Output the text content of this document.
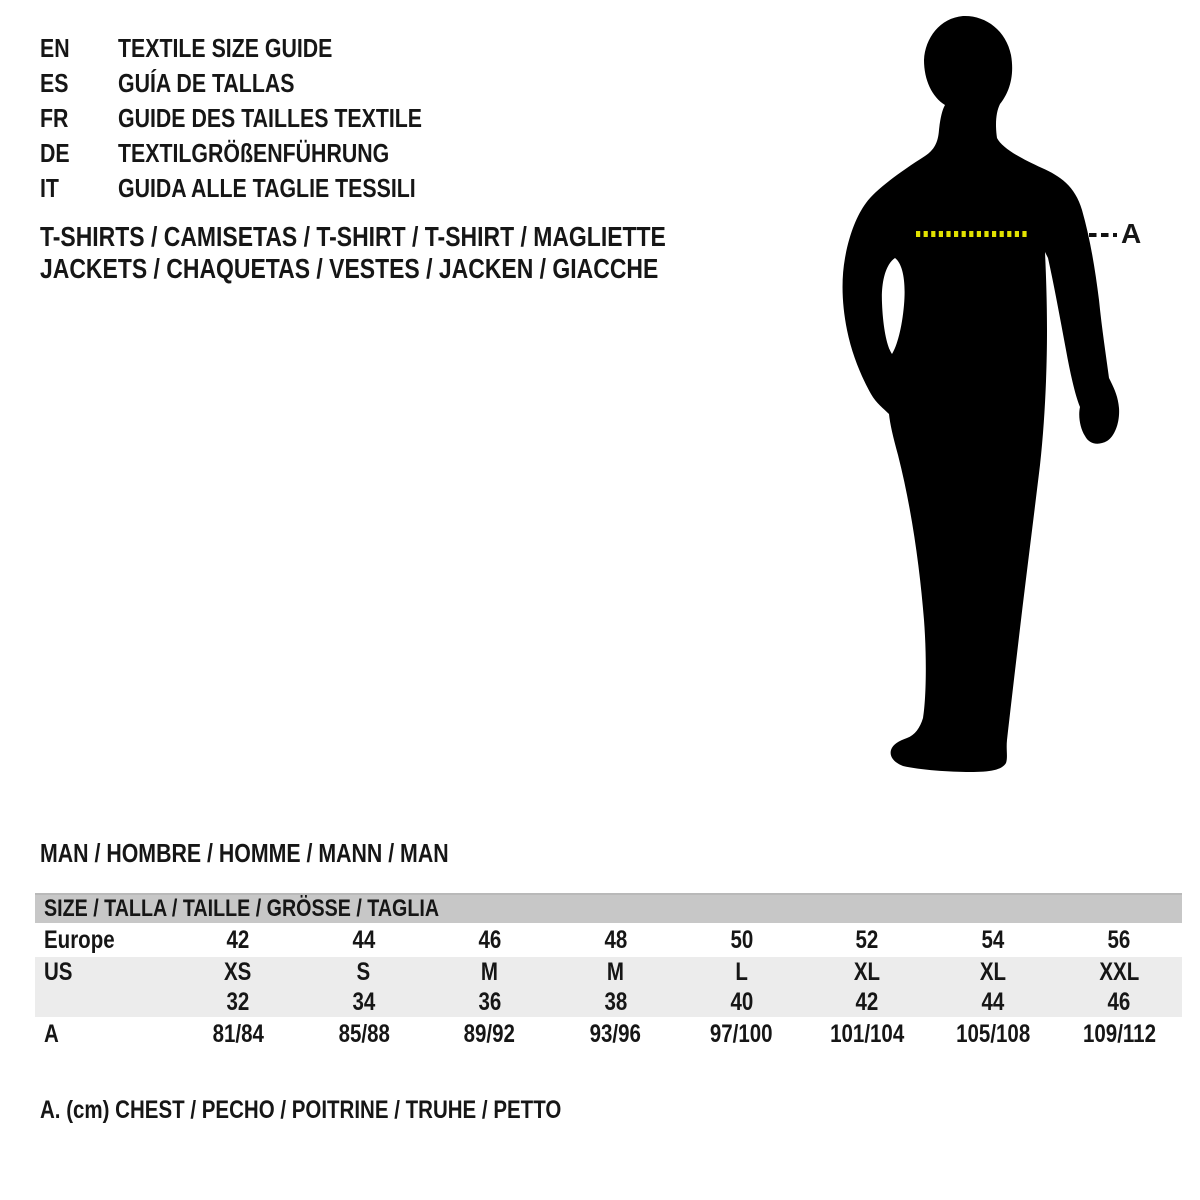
EN	TEXTILE SIZE GUIDE
ES	GUÍA DE TALLAS
FR	GUIDE DES TAILLES TEXTILE
DE	TEXTILGRÖßENFÜHRUNG
IT	GUIDA ALLE TAGLIE TESSILI
T-SHIRTS / CAMISETAS / T-SHIRT / T-SHIRT / MAGLIETTE
JACKETS / CHAQUETAS / VESTES / JACKEN / GIACCHE
A
MAN / HOMBRE / HOMME / MANN / MAN
SIZE / TALLA / TAILLE / GRÖSSE / TAGLIA
Europe	42	44	46	48	50	52	54	56
US	XS	S	M	M	L	XL	XL	XXL
32	34	36	38	40	42	44	46
A	81/84	85/88	89/92	93/96	97/100 101/104 105/108 109/112
A. (cm) CHEST / PECHO / POITRINE / TRUHE / PETTO
